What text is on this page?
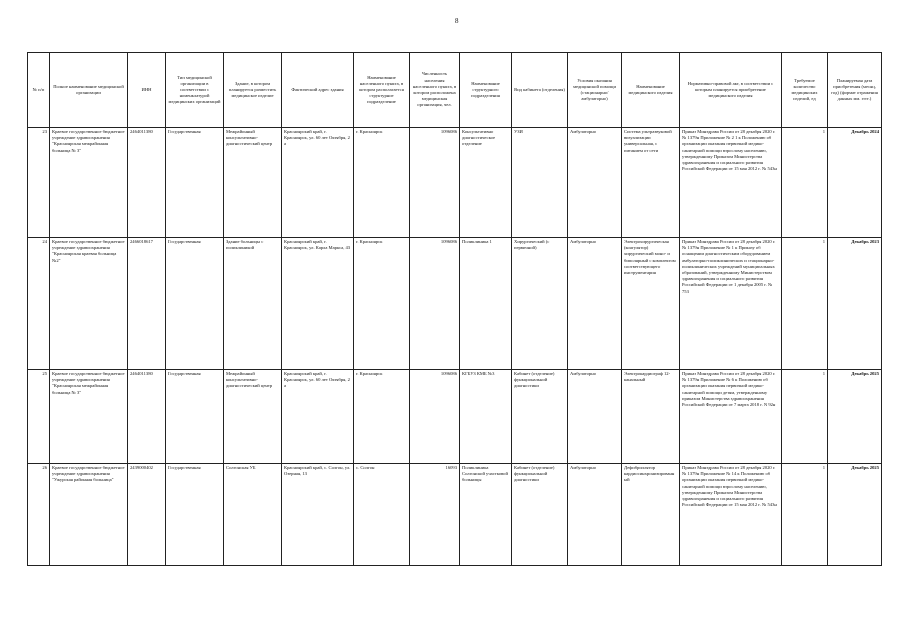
8
№ п/п	Полное наименование медицинской организации	ИНН	Тип медицинской организации в соответствии с номенклатурой медицинских организаций	Здание, в котором планируется разместить медицинское изделие	Фактический адрес здания	Наименование населенного пункта, в котором располагается структурное подразделение	Численность населения населенного пункта, в котором расположена медицинская организация, чел.	Наименование структурного подразделения	Вид кабинета (отделения)	Условия оказания медицинской помощи (стационарно/амбулаторно)	Наименование медицинского изделия	Нормативно-правовой акт, в соответствии с которым планируется приобретение медицинского изделия	Требуемое количество медицинских изделий, ед	Планируемая дата приобретения (месяц, год) (формат отражения данных мм. гггг.)
23	Краевое государственное бюджетное учреждение здравоохранения "Красноярская межрайонная больница № 3"	2464011380	Государственная	Межрайонный консультативно-диагностический центр	Красноярский край, г. Красноярск, ул. 60 лет Октября, 2 а	г. Красноярск	1096086	Консультативно диагностическое отделение	УЗИ	Амбулаторно	Система ультразвуковой визуализации универсальная, с питанием от сети	Приказ Минздрава России от 28 декабря 2020 г. № 1379н Приложение № 2 1 к Положению об организации оказания первичной медико-санитарной помощи взрослому населению, утвержденному Приказом Министерства здравоохранения и социального развития Российской Федерации от 15 мая 2012 г. № 543н	1	Декабрь 2024
24	Краевое государственное бюджетное учреждение здравоохранения "Красноярская краевая больница №2"	2466018617	Государственная	Здание больницы с поликлиникой	Красноярский край, г. Красноярск, ул. Карла Маркса, 43	г. Красноярск	1096086	Поликлиника 1	Хирургический (с первичной)	Амбулаторно	Электрохирургическая (коагулятор) хирургический моно- и биполярный с комплектом соответствующего инструментария	Приказ Минздрава России от 28 декабря 2020 г. № 1379н Приложение № 1 к Приказу об оснащении диагностическим оборудованием амбулаторно-поликлинических и стационарно-поликлинических учреждений муниципальных образований, утвержденному Министерством здравоохранения и социального развития Российской Федерации от 1 декабря 2005 г. № 753	1	Декабрь 2023
25	Краевое государственное бюджетное учреждение здравоохранения "Красноярская межрайонная больница № 3"	2464011380	Государственная	Межрайонный консультативно-диагностический центр	Красноярский край, г. Красноярск, ул. 60 лет Октября, 2 а	г. Красноярск	1096086	КГБУЗ КМБ №3	Кабинет (отделение) функциональной диагностики	Амбулаторно	Электрокардиограф 12-канальный	Приказ Минздрава России от 28 декабря 2020 г. № 1379н Приложение № 6 к Положению об организации оказания первичной медико-санитарной помощи детям, утвержденному приказом Министерства здравоохранения Российской Федерации от 7 марта 2018 г. N 92н	1	Декабрь 2025
26	Краевое государственное бюджетное учреждение здравоохранения "Ужурская районная больница"	2439000402	Государственная	Солгонская УБ	Красноярский край, с. Солгон, ул. Озерная, 13	с. Солгон	16093	Поликлиника Солгонской участковой больницы	Кабинет (отделение) функциональной диагностики	Амбулаторно	Дефибриллятор кардиосинхронизированный	Приказ Минздрава России от 28 декабря 2020 г. № 1379н Приложение № 14 к Положению об организации оказания первичной медико-санитарной помощи взрослому населению, утвержденному Приказом Министерства здравоохранения и социального развития Российской Федерации от 15 мая 2012 г. № 543н	1	Декабрь 2025
